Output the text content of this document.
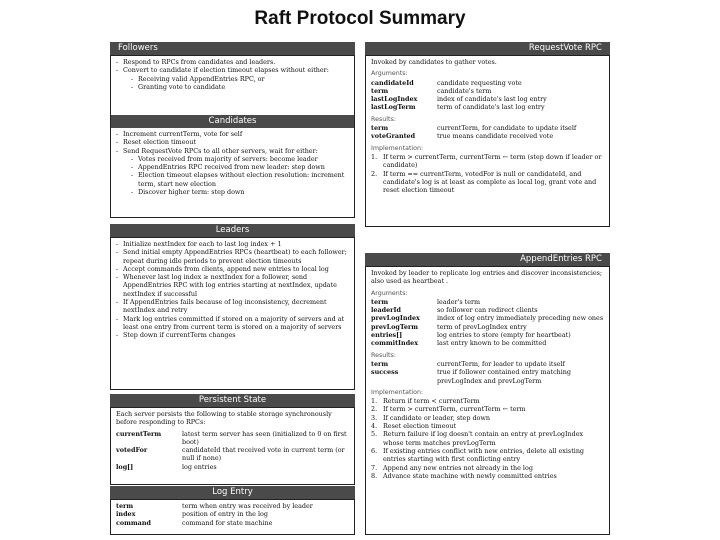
Raft Protocol Summary
Followers
- Respond to RPCs from candidates and leaders.
- Convert to candidate if election timeout elapses without either:
- Receiving valid AppendEntries RPC, or
- Granting vote to candidate
Candidates
- Increment currentTerm, vote for self
- Reset election timeout
- Send RequestVote RPCs to all other servers, wait for either:
- Votes received from majority of servers: become leader
- AppendEntries RPC received from new leader: step down
- Election timeout elapses without election resolution: increment term, start new election
- Discover higher term: step down
Leaders
- Initialize nextIndex for each to last log index + 1
- Send initial empty AppendEntries RPCs (heartbeat) to each follower; repeat during idle periods to prevent election timeouts
- Accept commands from clients, append new entries to local log
- Whenever last log index ≥ nextIndex for a follower, send AppendEntries RPC with log entries starting at nextIndex, update nextIndex if successful
- If AppendEntries fails because of log inconsistency, decrement nextIndex and retry
- Mark log entries committed if stored on a majority of servers and at least one entry from current term is stored on a majority of servers
- Step down if currentTerm changes
Persistent State
Each server persists the following to stable storage synchronously before responding to RPCs:
currentTerm	latest term server has seen (initialized to 0 on first boot)
votedFor	candidateId that received vote in current term (or null if none)
log[]	log entries
Log Entry
term	term when entry was received by leader
index	position of entry in the log
command	command for state machine
RequestVote RPC
Invoked by candidates to gather votes.
Arguments:
candidateId	candidate requesting vote
term	candidate's term
lastLogIndex	index of candidate's last log entry
lastLogTerm	term of candidate's last log entry
Results:
term	currentTerm, for candidate to update itself
voteGranted	true means candidate received vote
Implementation:
1. If term > currentTerm, currentTerm ← term (step down if leader or candidate)
2. If term == currentTerm, votedFor is null or candidateId, and candidate's log is at least as complete as local log, grant vote and reset election timeout
AppendEntries RPC
Invoked by leader to replicate log entries and discover inconsistencies; also used as heartbeat .
Arguments:
term	leader's term
leaderId	so follower can redirect clients
prevLogIndex	index of log entry immediately preceding new ones
prevLogTerm	term of prevLogIndex entry
entries[]	log entries to store (empty for heartbeat)
commitIndex	last entry known to be committed
Results:
term	currentTerm, for leader to update itself
success	true if follower contained entry matching prevLogIndex and prevLogTerm
Implementation:
1. Return if term < currentTerm
2. If term > currentTerm, currentTerm ← term
3. If candidate or leader, step down
4. Reset election timeout
5. Return failure if log doesn't contain an entry at prevLogIndex whose term matches prevLogTerm
6. If existing entries conflict with new entries, delete all existing entries starting with first conflicting entry
7. Append any new entries not already in the log
8. Advance state machine with newly committed entries
